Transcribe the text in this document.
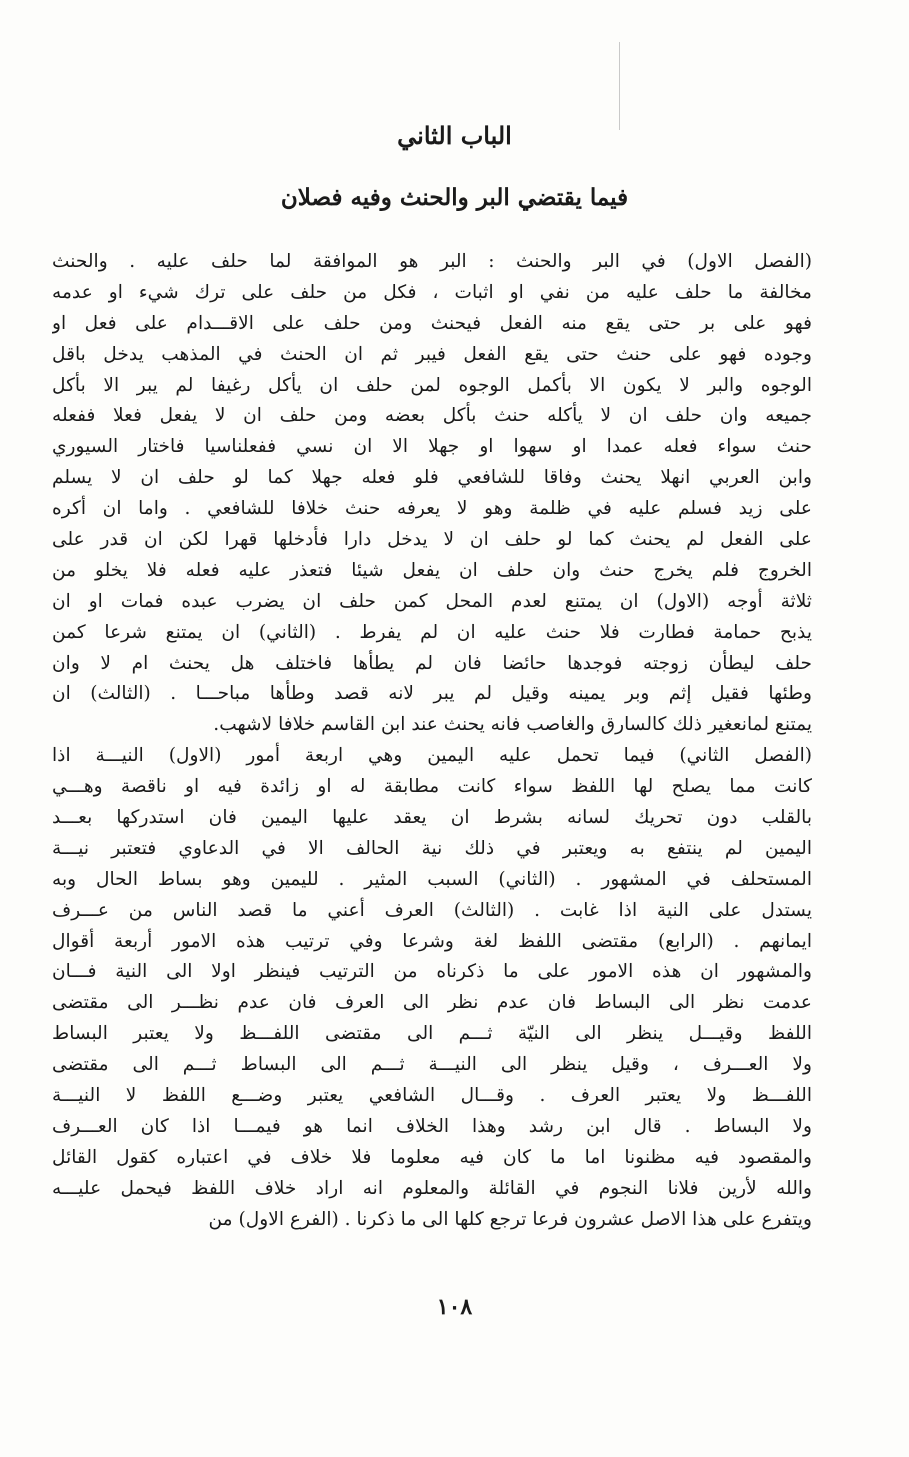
الباب الثاني
فيما يقتضي البر والحنث وفيه فصلان
(الفصل الاول) في البر والحنث : البر هو الموافقة لما حلف عليه . والحنث
مخالفة ما حلف عليه من نفي او اثبات ، فكل من حلف على ترك شيء او عدمه
فهو على بر حتى يقع منه الفعل فيحنث ومن حلف على الاقـــدام على فعل او
وجوده فهو على حنث حتى يقع الفعل فيبر ثم ان الحنث في المذهب يدخل باقل
الوجوه والبر لا يكون الا بأكمل الوجوه لمن حلف ان يأكل رغيفا لم يبر الا بأكل
جميعه وان حلف ان لا يأكله حنث بأكل بعضه ومن حلف ان لا يفعل فعلا ففعله
حنث سواء فعله عمدا او سهوا او جهلا الا ان نسي ففعلناسيا فاختار السيوري
وابن العربي انهلا يحنث وفاقا للشافعي فلو فعله جهلا كما لو حلف ان لا يسلم
على زيد فسلم عليه في ظلمة وهو لا يعرفه حنث خلافا للشافعي . واما ان أكره
على الفعل لم يحنث كما لو حلف ان لا يدخل دارا فأدخلها قهرا لكن ان قدر على
الخروج فلم يخرج حنث وان حلف ان يفعل شيئا فتعذر عليه فعله فلا يخلو من
ثلاثة أوجه (الاول) ان يمتنع لعدم المحل كمن حلف ان يضرب عبده فمات او ان
يذبح حمامة فطارت فلا حنث عليه ان لم يفرط . (الثاني) ان يمتنع شرعا كمن
حلف ليطأن زوجته فوجدها حائضا فان لم يطأها فاختلف هل يحنث ام لا وان
وطئها فقيل إثم وبر يمينه وقيل لم يبر لانه قصد وطأها مباحـــا . (الثالث) ان
يمتنع لمانعغير ذلك كالسارق والغاصب فانه يحنث عند ابن القاسم خلافا لاشهب.
(الفصل الثاني) فيما تحمل عليه اليمين وهي اربعة أمور (الاول) النيـــة اذا
كانت مما يصلح لها اللفظ سواء كانت مطابقة له او زائدة فيه او ناقصة وهـــي
بالقلب دون تحريك لسانه بشرط ان يعقد عليها اليمين فان استدركها بعـــد
اليمين لم ينتفع به ويعتبر في ذلك نية الحالف الا في الدعاوي فتعتبر نيـــة
المستحلف في المشهور . (الثاني) السبب المثير . لليمين وهو بساط الحال وبه
يستدل على النية اذا غابت . (الثالث) العرف أعني ما قصد الناس من عـــرف
ايمانهم . (الرابع) مقتضى اللفظ لغة وشرعا وفي ترتيب هذه الامور أربعة أقوال
والمشهور ان هذه الامور على ما ذكرناه من الترتيب فينظر اولا الى النية فـــان
عدمت نظر الى البساط فان عدم نظر الى العرف فان عدم نظـــر الى مقتضى
اللفظ وقيـــل ينظر الى النيّة ثـــم الى مقتضى اللفـــظ ولا يعتبر البساط
ولا العـــرف ، وقيل ينظر الى النيـــة ثـــم الى البساط ثـــم الى مقتضى
اللفـــظ ولا يعتبر العرف . وقـــال الشافعي يعتبر وضـــع اللفظ لا النيـــة
ولا البساط . قال ابن رشد وهذا الخلاف انما هو فيمـــا اذا كان العـــرف
والمقصود فيه مظنونا اما ما كان فيه معلوما فلا خلاف في اعتباره كقول القائل
والله لأرين فلانا النجوم في القائلة والمعلوم انه اراد خلاف اللفظ فيحمل عليـــه
ويتفرع على هذا الاصل عشرون فرعا ترجع كلها الى ما ذكرنا . (الفرع الاول) من
١٠٨
